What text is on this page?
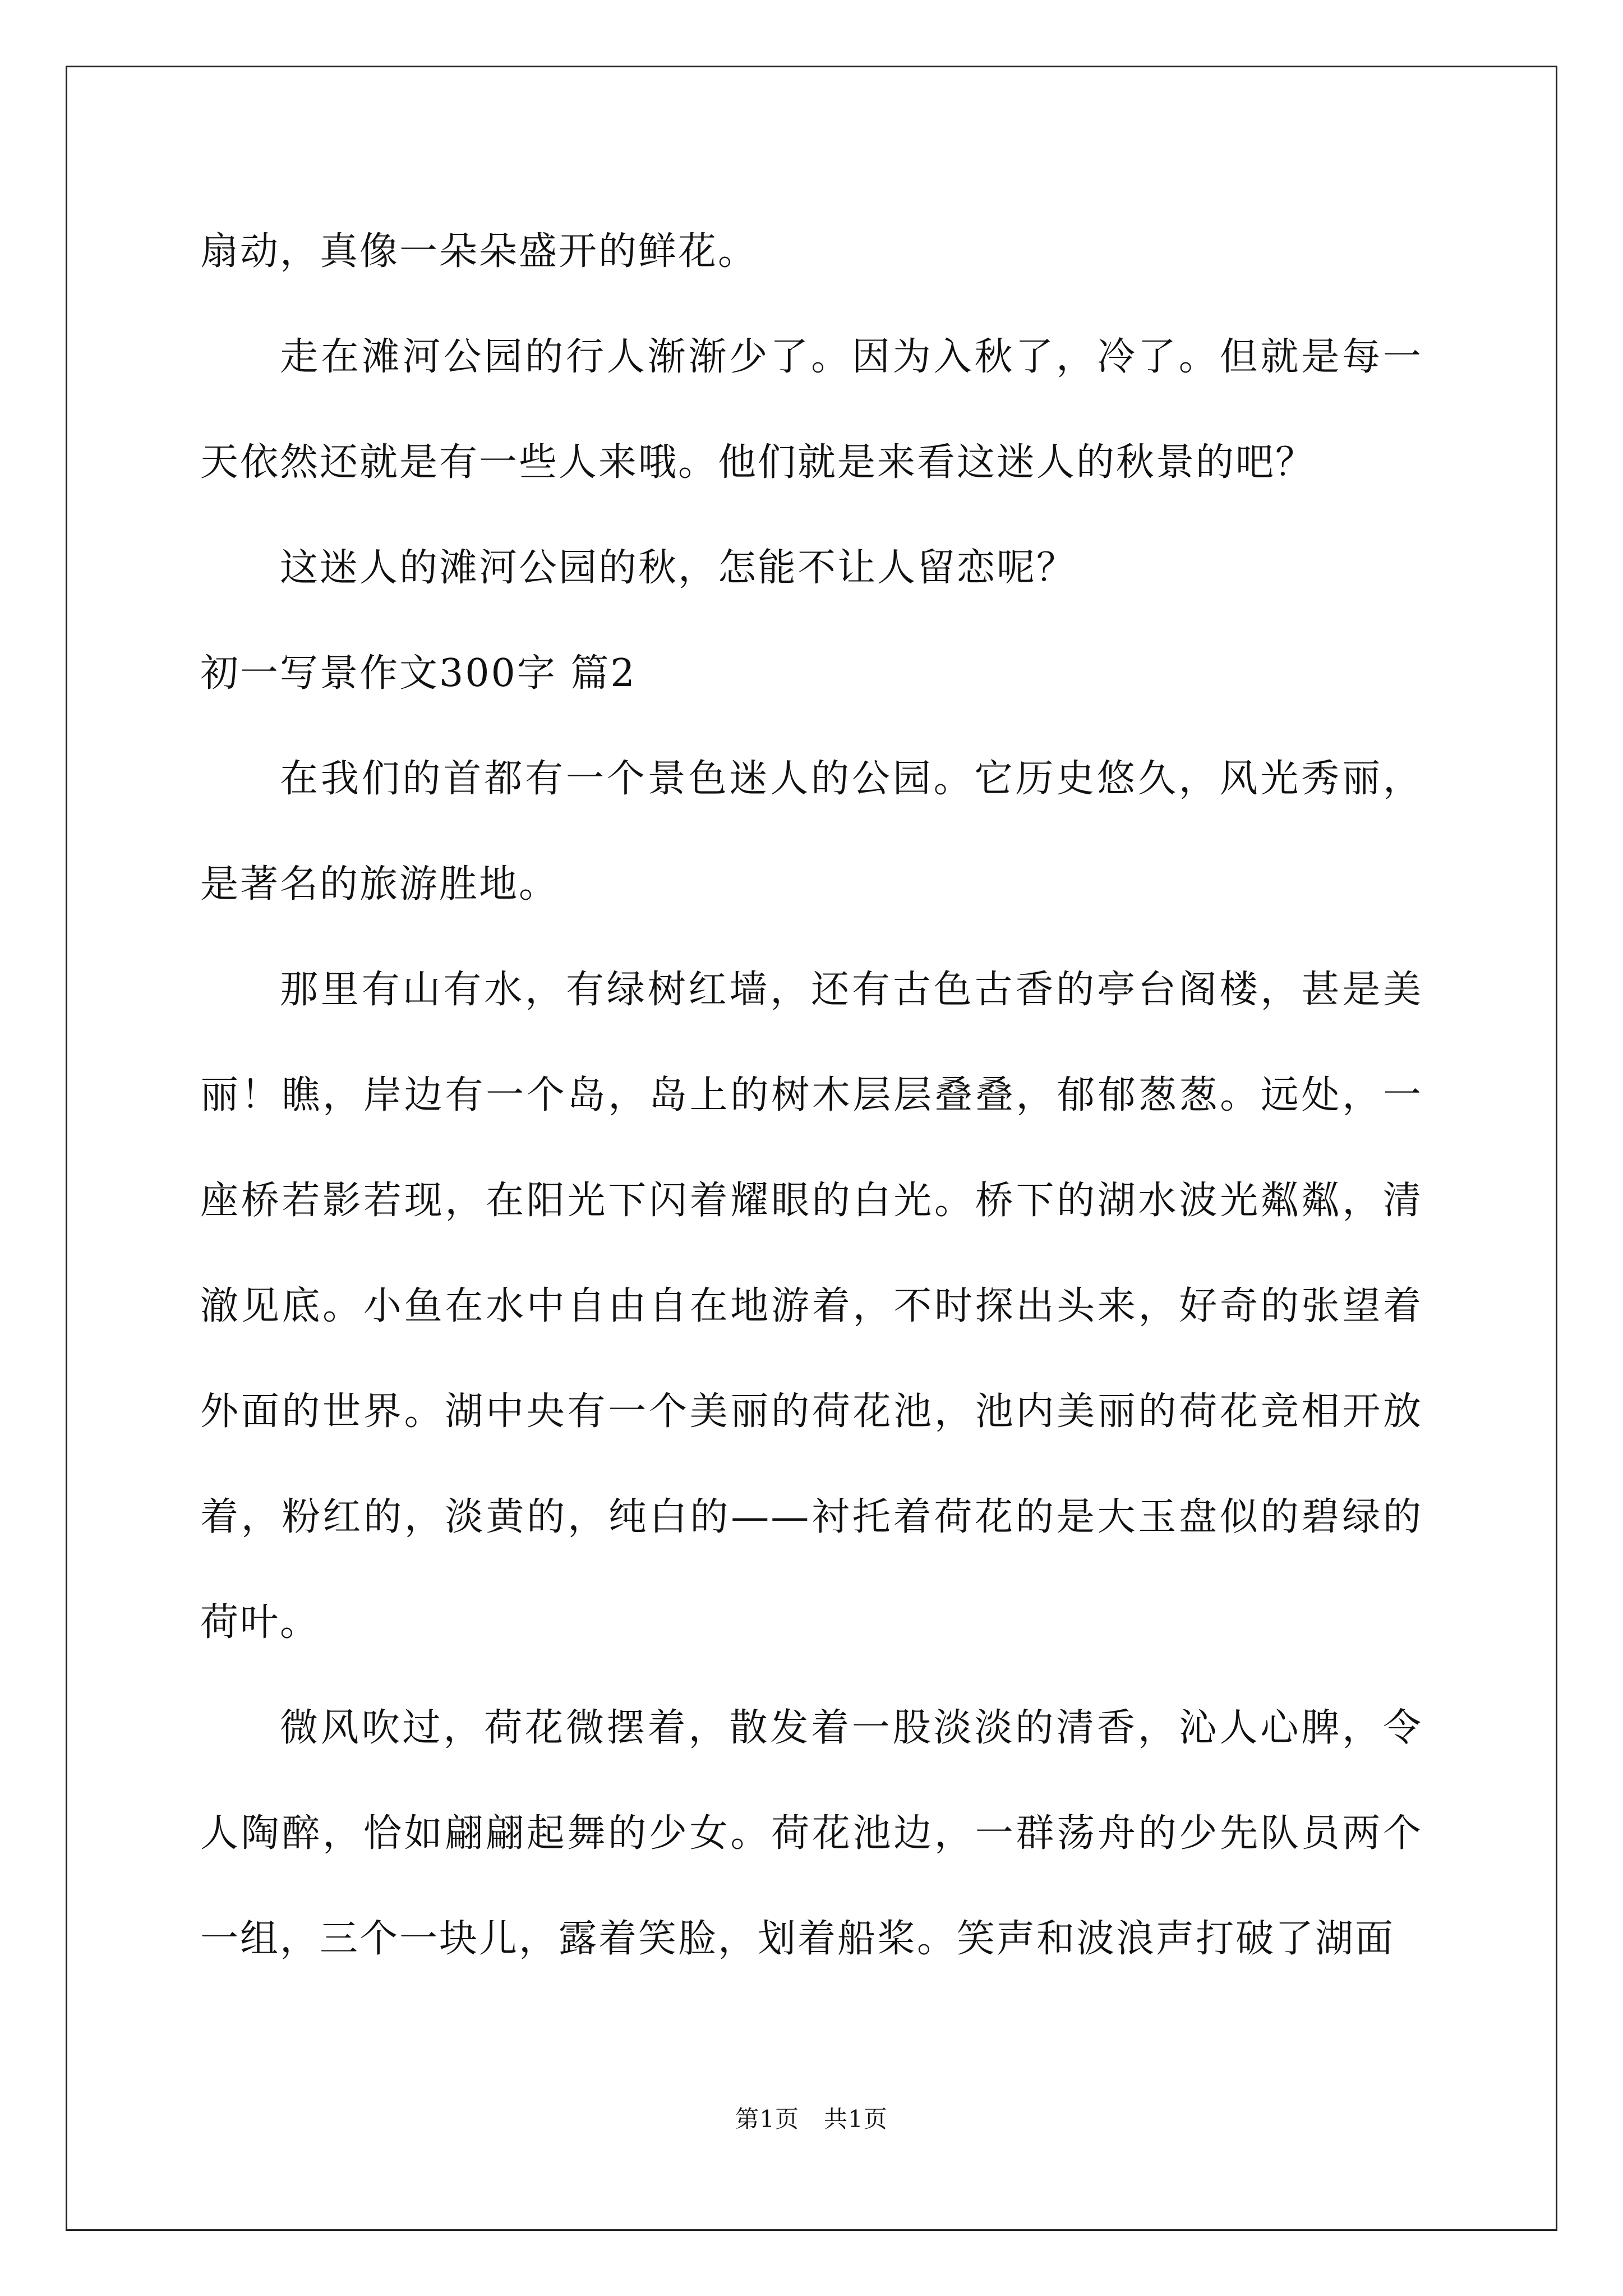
扇动，真像一朵朵盛开的鲜花。

走在滩河公园的行人渐渐少了。因为入秋了，冷了。但就是每一天依然还就是有一些人来哦。他们就是来看这迷人的秋景的吧？

这迷人的滩河公园的秋，怎能不让人留恋呢？

初一写景作文300字 篇2

在我们的首都有一个景色迷人的公园。它历史悠久，风光秀丽，是著名的旅游胜地。

那里有山有水，有绿树红墙，还有古色古香的亭台阁楼，甚是美丽！瞧，岸边有一个岛，岛上的树木层层叠叠，郁郁葱葱。远处，一座桥若影若现，在阳光下闪着耀眼的白光。桥下的湖水波光粼粼，清澈见底。小鱼在水中自由自在地游着，不时探出头来，好奇的张望着外面的世界。湖中央有一个美丽的荷花池，池内美丽的荷花竞相开放着，粉红的，淡黄的，纯白的——衬托着荷花的是大玉盘似的碧绿的荷叶。

微风吹过，荷花微摆着，散发着一股淡淡的清香，沁人心脾，令人陶醉，恰如翩翩起舞的少女。荷花池边，一群荡舟的少先队员两个一组，三个一块儿，露着笑脸，划着船桨。笑声和波浪声打破了湖面

第1页 共1页
